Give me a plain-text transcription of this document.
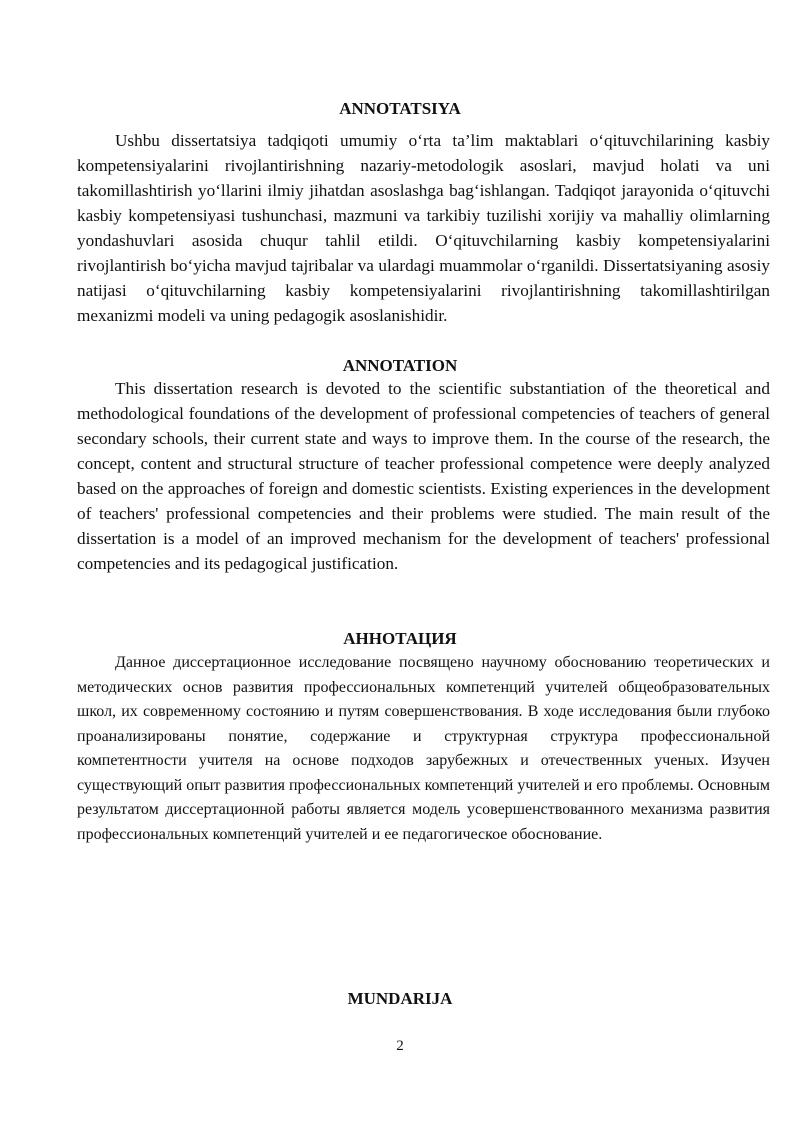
ANNOTATSIYA

Ushbu dissertatsiya tadqiqoti umumiy o‘rta ta’lim maktablari o‘qituvchilarining kasbiy kompetensiyalarini rivojlantirishning nazariy-metodologik asoslari, mavjud holati va uni takomillashtirish yo‘llarini ilmiy jihatdan asoslashga bag‘ishlangan. Tadqiqot jarayonida o‘qituvchi kasbiy kompetensiyasi tushunchasi, mazmuni va tarkibiy tuzilishi xorijiy va mahalliy olimlarning yondashuvlari asosida chuqur tahlil etildi. O‘qituvchilarning kasbiy kompetensiyalarini rivojlantirish bo‘yicha mavjud tajribalar va ulardagi muammolar o‘rganildi. Dissertatsiyaning asosiy natijasi o‘qituvchilarning kasbiy kompetensiyalarini rivojlantirishning takomillashtirilgan mexanizmi modeli va uning pedagogik asoslanishidir.

ANNOTATION

This dissertation research is devoted to the scientific substantiation of the theoretical and methodological foundations of the development of professional competencies of teachers of general secondary schools, their current state and ways to improve them. In the course of the research, the concept, content and structural structure of teacher professional competence were deeply analyzed based on the approaches of foreign and domestic scientists. Existing experiences in the development of teachers' professional competencies and their problems were studied. The main result of the dissertation is a model of an improved mechanism for the development of teachers' professional competencies and its pedagogical justification.

АННОТАЦИЯ

Данное диссертационное исследование посвящено научному обоснованию теоретических и методических основ развития профессиональных компетенций учителей общеобразовательных школ, их современному состоянию и путям совершенствования. В ходе исследования были глубоко проанализированы понятие, содержание и структурная структура профессиональной компетентности учителя на основе подходов зарубежных и отечественных ученых. Изучен существующий опыт развития профессиональных компетенций учителей и его проблемы. Основным результатом диссертационной работы является модель усовершенствованного механизма развития профессиональных компетенций учителей и ее педагогическое обоснование.

MUNDARIJA
2
